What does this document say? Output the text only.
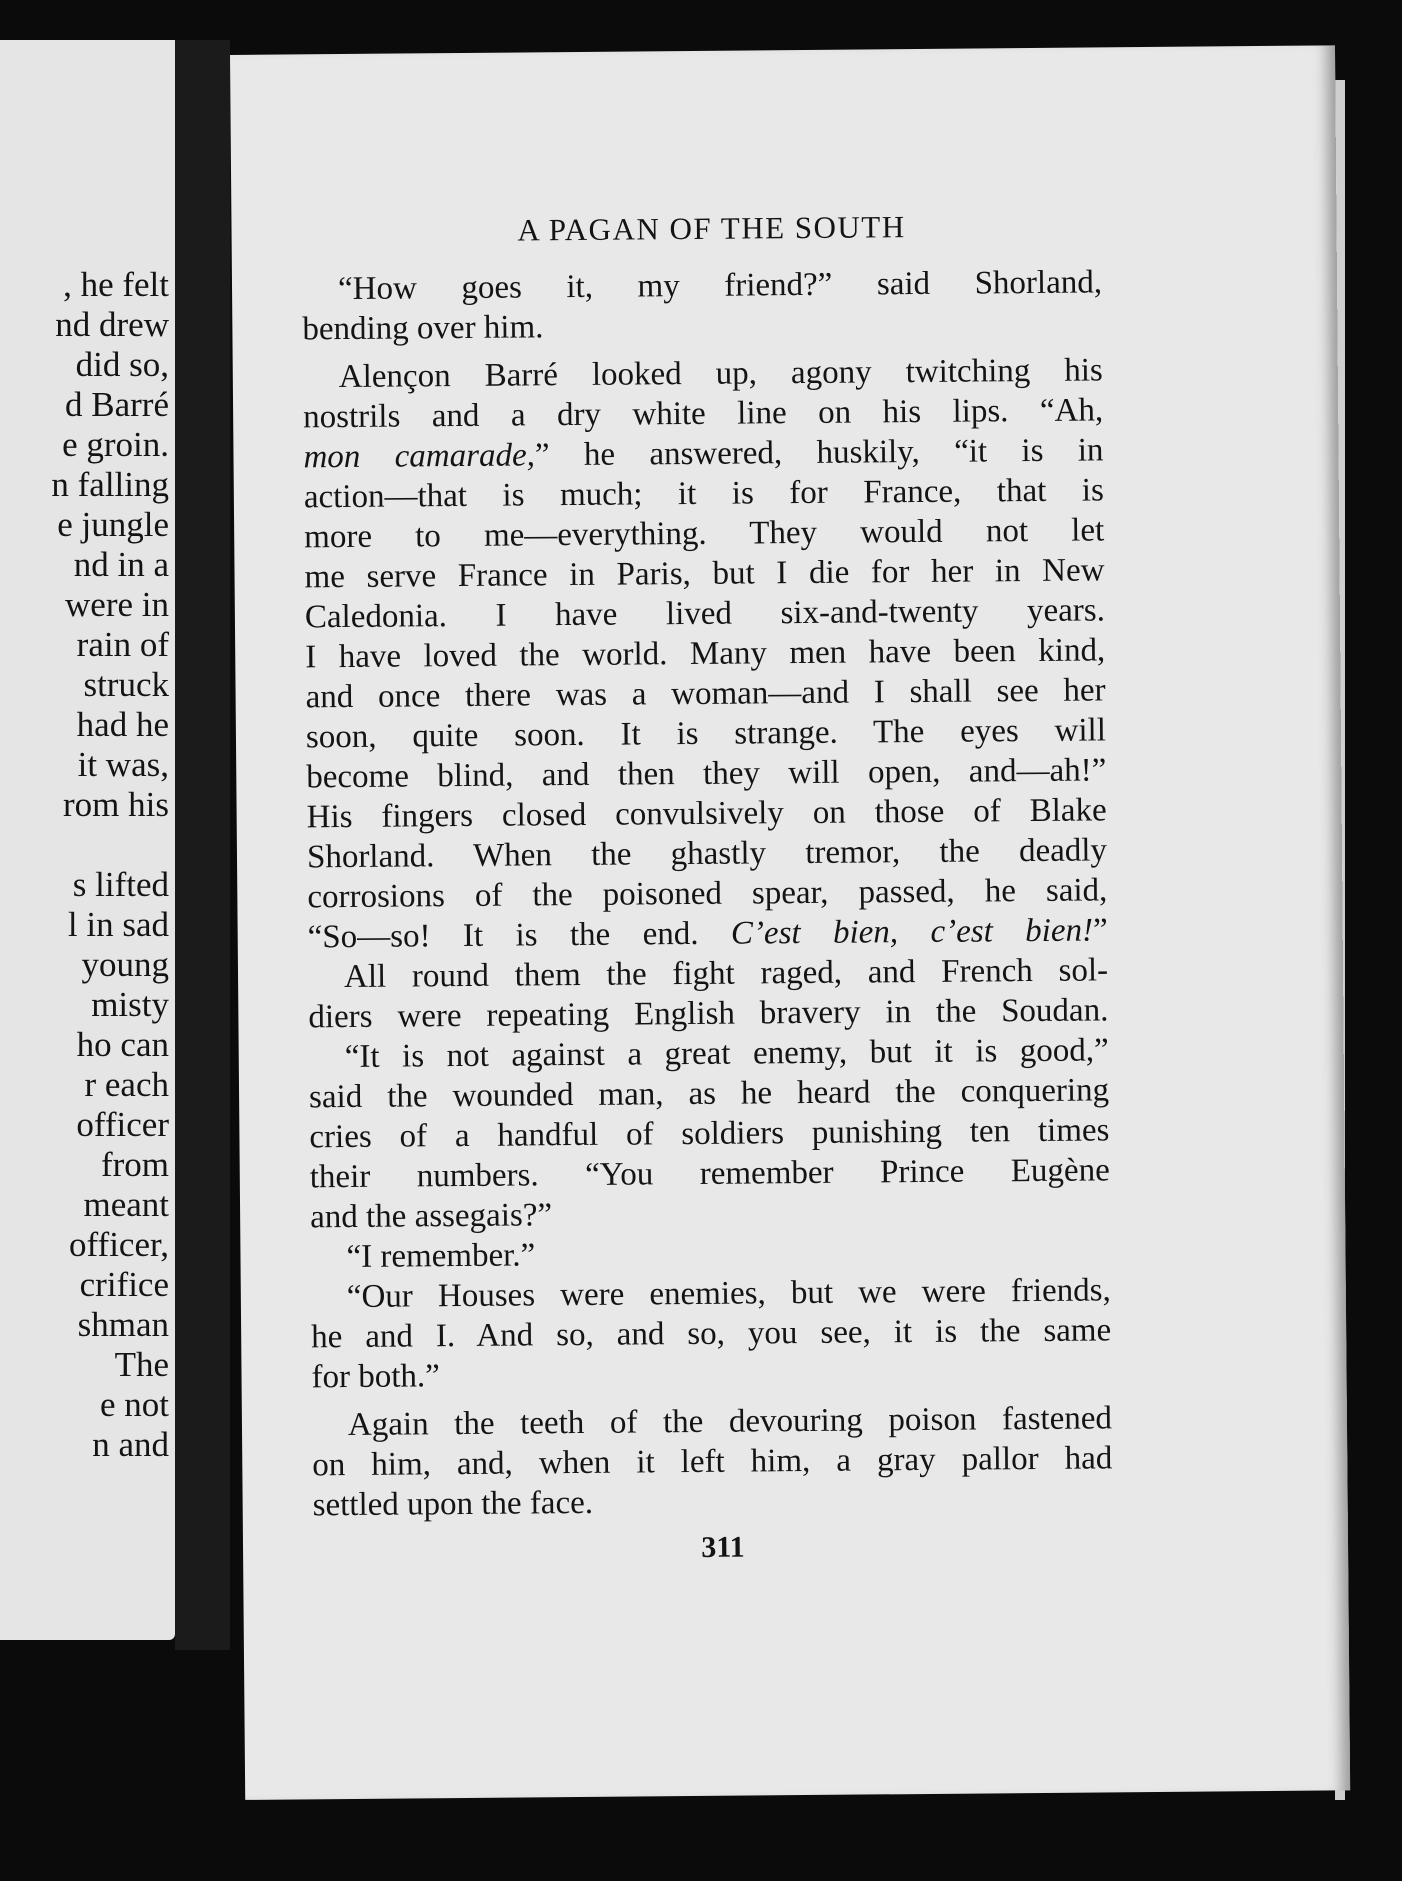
, he felt
nd drew
did so,
d Barré
e groin.
n falling
e jungle
nd in a
were in
rain of
struck
had he
it was,
rom his
s lifted
l in sad
young
misty
ho can
r each
officer
from
meant
officer,
crifice
shman
The
e not
n and
A PAGAN OF THE SOUTH
“How goes it, my friend?” said Shorland,
bending over him.
Alençon Barré looked up, agony twitching his
nostrils and a dry white line on his lips. “Ah,
mon camarade,” he answered, huskily, “it is in
action—that is much; it is for France, that is
more to me—everything. They would not let
me serve France in Paris, but I die for her in New
Caledonia. I have lived six-and-twenty years.
I have loved the world. Many men have been kind,
and once there was a woman—and I shall see her
soon, quite soon. It is strange. The eyes will
become blind, and then they will open, and—ah!”
His fingers closed convulsively on those of Blake
Shorland. When the ghastly tremor, the deadly
corrosions of the poisoned spear, passed, he said,
“So—so! It is the end. C’est bien, c’est bien!”
All round them the fight raged, and French sol-
diers were repeating English bravery in the Soudan.
“It is not against a great enemy, but it is good,”
said the wounded man, as he heard the conquering
cries of a handful of soldiers punishing ten times
their numbers. “You remember Prince Eugène
and the assegais?”
“I remember.”
“Our Houses were enemies, but we were friends,
he and I. And so, and so, you see, it is the same
for both.”
Again the teeth of the devouring poison fastened
on him, and, when it left him, a gray pallor had
settled upon the face.
311
